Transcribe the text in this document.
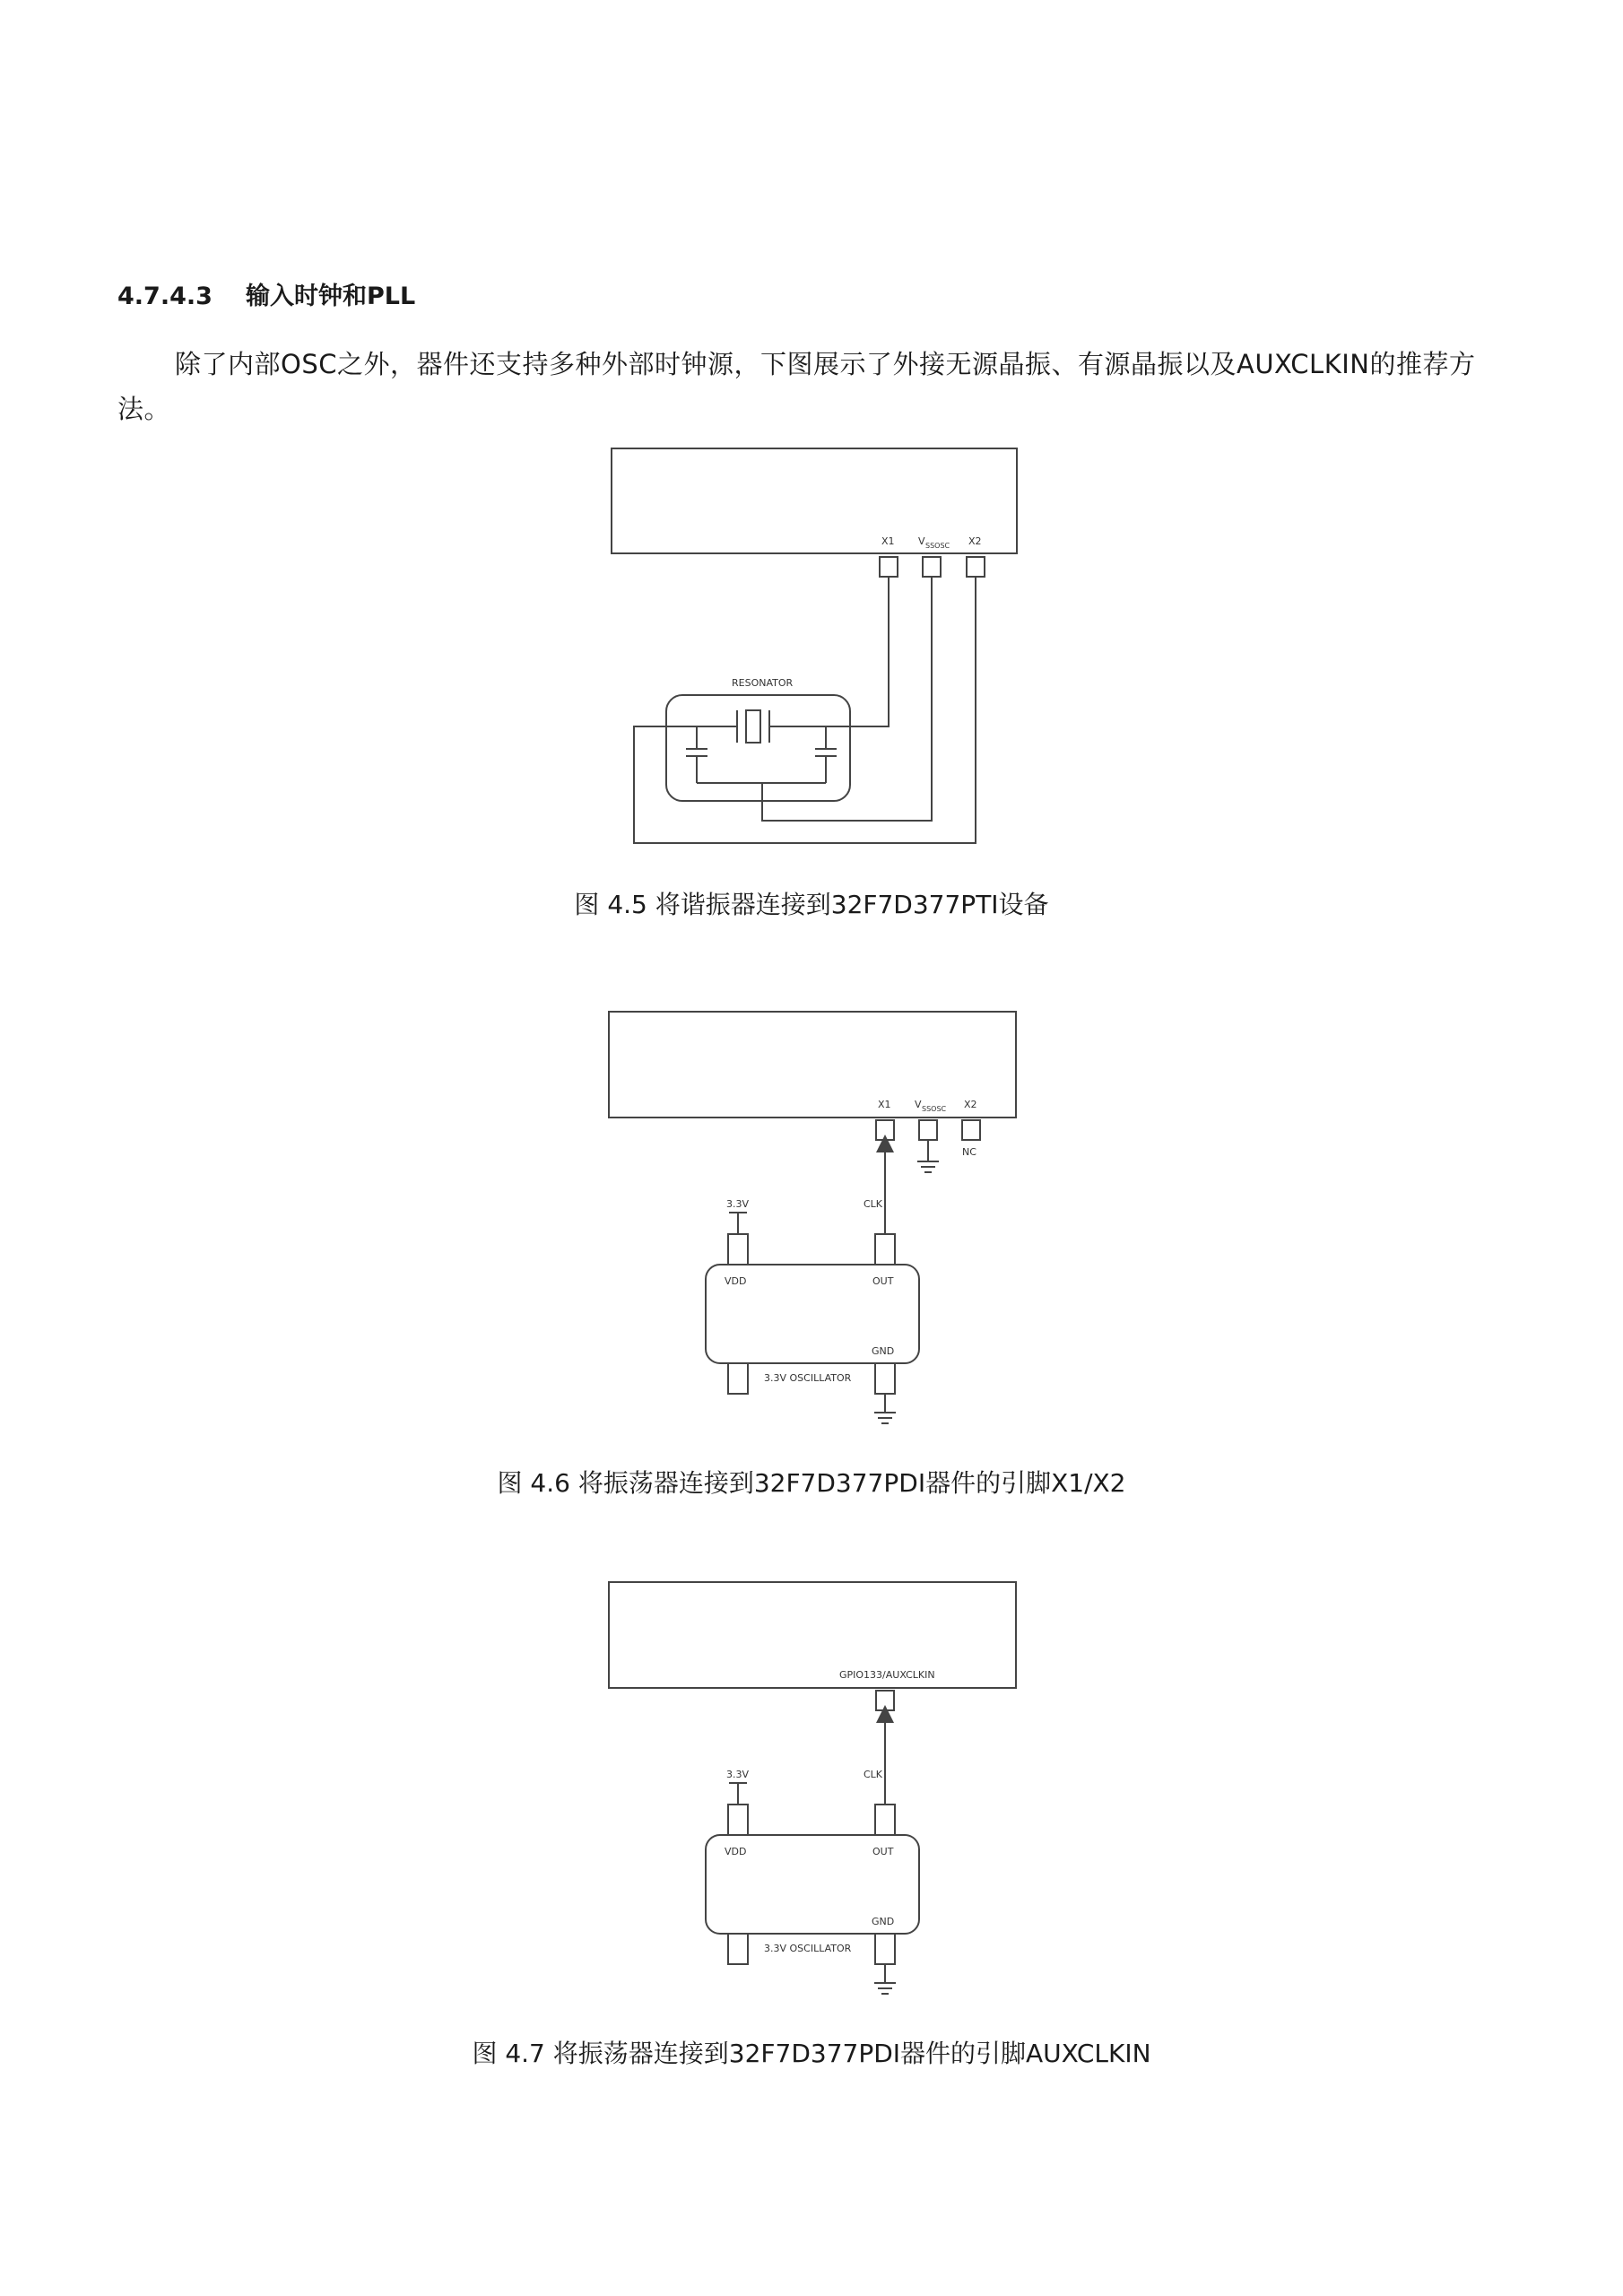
4.7.4.3 输入时钟和PLL
除了内部OSC之外，器件还支持多种外部时钟源，下图展示了外接无源晶振、有源晶振以及AUXCLKIN的推荐方法。
X1 V SSOSC X2
RESONATOR
图 4.5 将谐振器连接到32F7D377PTI设备
X1 V SSOSC X2
NC
3.3V	CLK
VDD	OUT
GND
3.3V OSCILLATOR
图 4.6 将振荡器连接到32F7D377PDI器件的引脚X1/X2
GPIO133/AUXCLKIN
3.3V	CLK
VDD	OUT
GND
3.3V OSCILLATOR
图 4.7 将振荡器连接到32F7D377PDI器件的引脚AUXCLKIN
